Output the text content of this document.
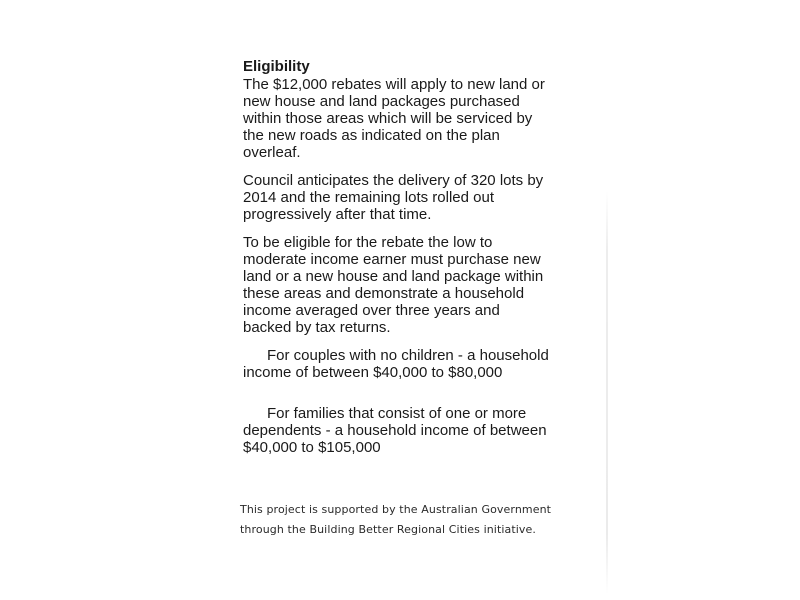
Eligibility
The $12,000 rebates will apply to new land or
new house and land packages purchased
within those areas which will be serviced by
the new roads as indicated on the plan
overleaf.
Council anticipates the delivery of 320 lots by
2014 and the remaining lots rolled out
progressively after that time.
To be eligible for the rebate the low to
moderate income earner must purchase new
land or a new house and land package within
these areas and demonstrate a household
income averaged over three years and
backed by tax returns.
For couples with no children - a household
income of between $40,000 to $80,000
For families that consist of one or more
dependents - a household income of between
$40,000 to $105,000
This project is supported by the Australian Government
through the Building Better Regional Cities initiative.
